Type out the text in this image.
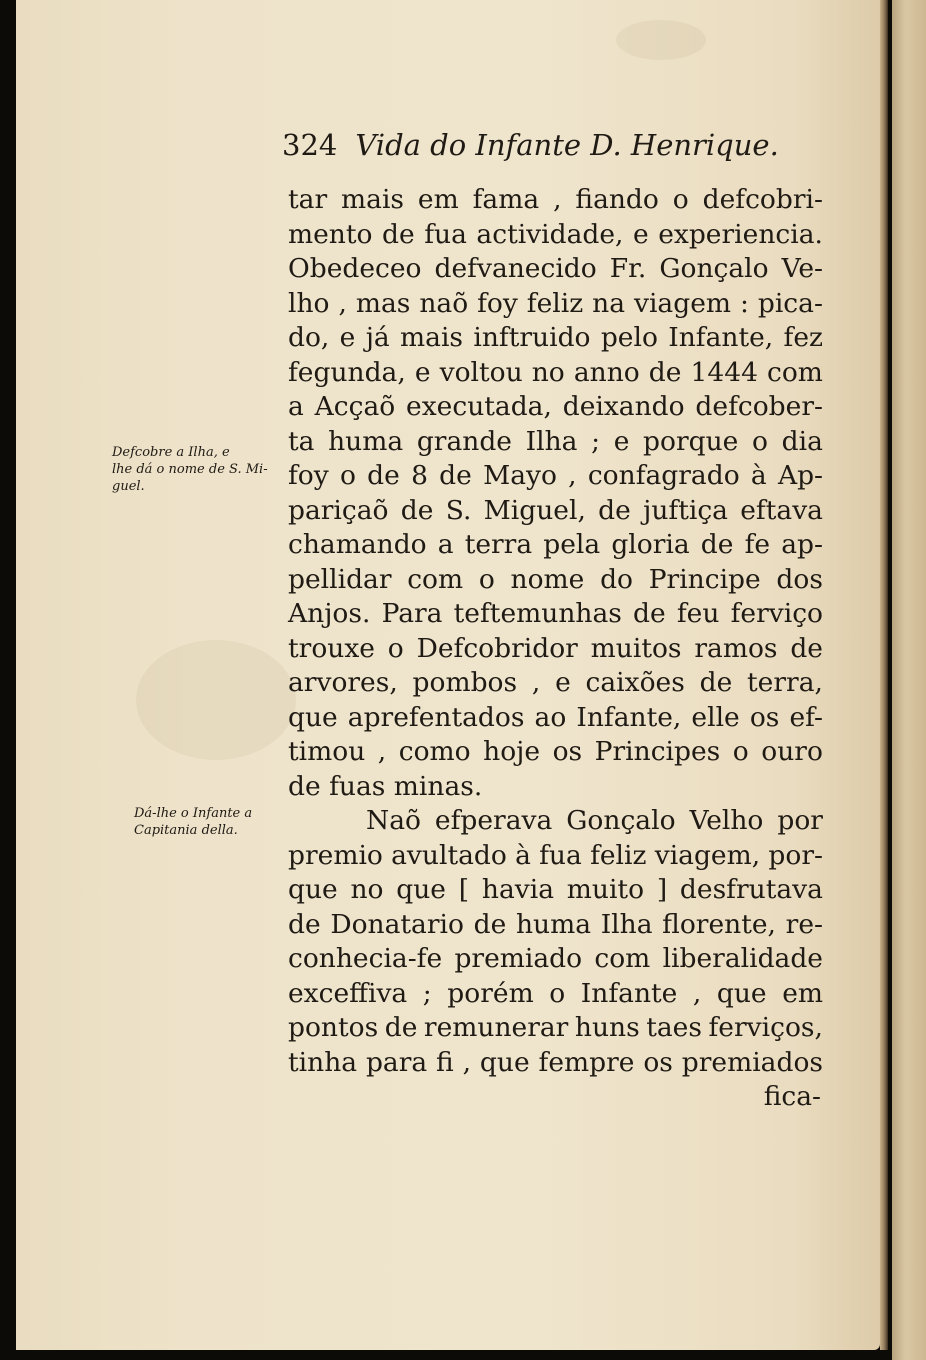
324 Vida do Infante D. Henrique.
Defcobre a Ilha, e
lhe dá o nome de S. Mi-
guel.
Dá-lhe o Infante a
Capitania della.
tar mais em fama , fiando o defcobri-
mento de fua actividade, e experiencia.
Obedeceo defvanecido Fr. Gonçalo Ve-
lho , mas naõ foy feliz na viagem : pica-
do, e já mais inftruido pelo Infante, fez
fegunda, e voltou no anno de 1444 com
a Acçaõ executada, deixando defcober-
ta huma grande Ilha ; e porque o dia
foy o de 8 de Mayo , confagrado à Ap-
pariçaõ de S. Miguel, de juftiça eftava
chamando a terra pela gloria de fe ap-
pellidar com o nome do Principe dos
Anjos. Para teftemunhas de feu ferviço
trouxe o Defcobridor muitos ramos de
arvores, pombos , e caixões de terra,
que aprefentados ao Infante, elle os ef-
timou , como hoje os Principes o ouro
de fuas minas.
Naõ efperava Gonçalo Velho por
premio avultado à fua feliz viagem, por-
que no que [ havia muito ] desfrutava
de Donatario de huma Ilha florente, re-
conhecia-fe premiado com liberalidade
exceffiva ; porém o Infante , que em
pontos de remunerar huns taes ferviços,
tinha para fi , que fempre os premiados
fica-
